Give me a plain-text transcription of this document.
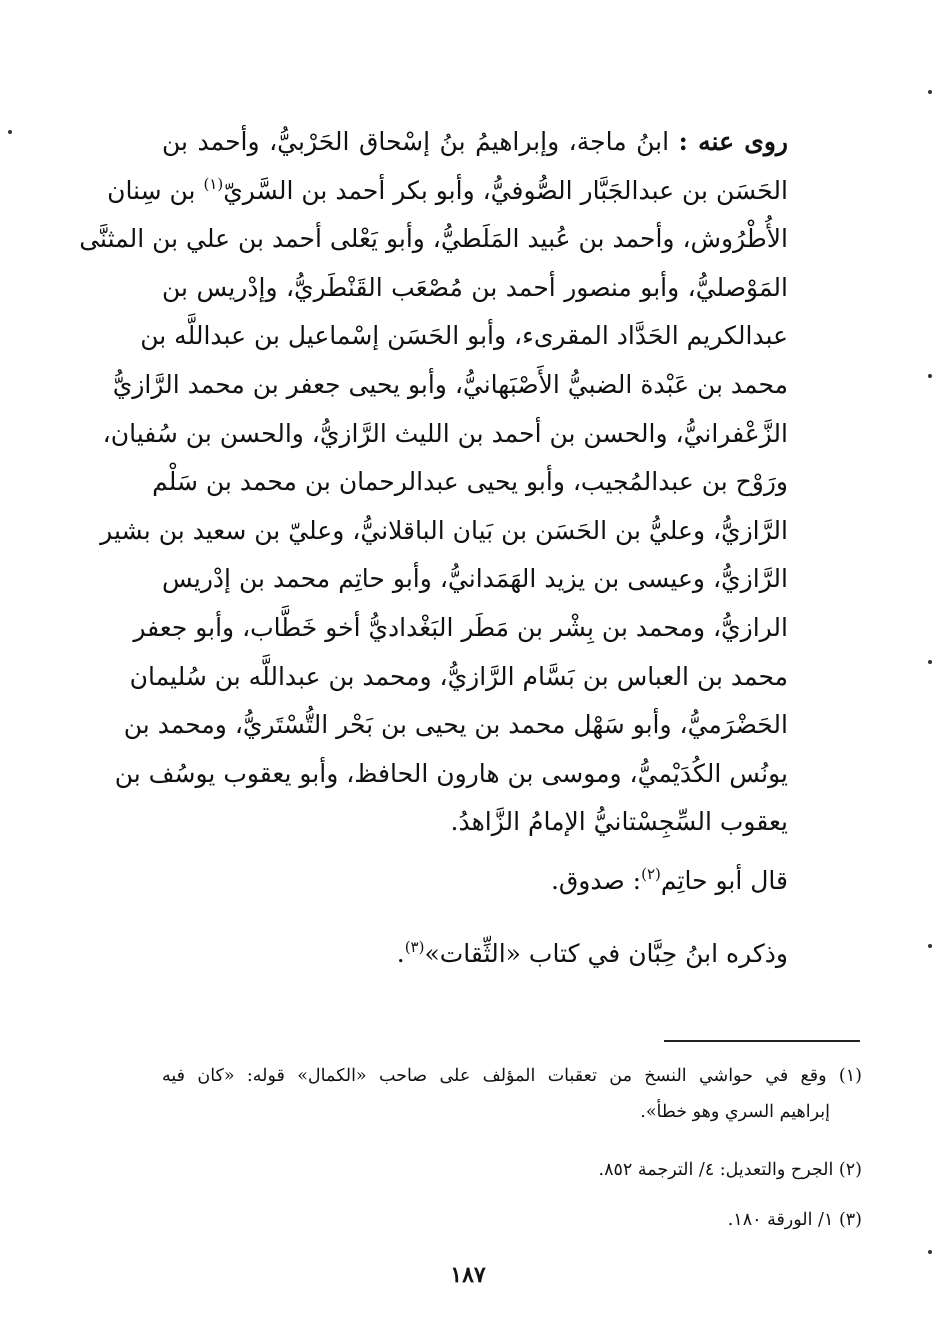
روى عنه : ابنُ ماجة، وإبراهيمُ بنُ إسْحاق الحَرْبيُّ، وأحمد بن
الحَسَن بن عبدالجَبَّار الصُّوفيُّ، وأبو بكر أحمد بن السَّريّ$^{(١)}$ بن سِنان
الأُطْرُوش، وأحمد بن عُبيد المَلَطيُّ، وأبو يَعْلى أحمد بن علي بن المثنَّى
المَوْصليُّ، وأبو منصور أحمد بن مُصْعَب القَنْطَريُّ، وإدْريس بن
عبدالكريم الحَدَّاد المقرىء، وأبو الحَسَن إسْماعيل بن عبداللَّه بن
محمد بن عَبْدة الضبيُّ الأَصْبَهانيُّ، وأبو يحيى جعفر بن محمد الرَّازيُّ
الزَّعْفرانيُّ، والحسن بن أحمد بن الليث الرَّازيُّ، والحسن بن سُفيان،
ورَوْح بن عبدالمُجيب، وأبو يحيى عبدالرحمان بن محمد بن سَلْم
الرَّازيُّ، وعليُّ بن الحَسَن بن بَيان الباقلانيُّ، وعليّ بن سعيد بن بشير
الرَّازيُّ، وعيسى بن يزيد الهَمَدانيُّ، وأبو حاتِم محمد بن إدْريس
الرازيُّ، ومحمد بن بِشْر بن مَطَر البَغْداديُّ أخو خَطَّاب، وأبو جعفر
محمد بن العباس بن بَسَّام الرَّازيُّ، ومحمد بن عبداللَّه بن سُليمان
الحَضْرَميُّ، وأبو سَهْل محمد بن يحيى بن بَحْر التُّسْتَريُّ، ومحمد بن
يونُس الكُدَيْميُّ، وموسى بن هارون الحافظ، وأبو يعقوب يوسُف بن
يعقوب السِّجِسْتانيُّ الإمامُ الزَّاهدُ.
قال أبو حاتِم$^{(٢)}$: صدوق.
وذكره ابنُ حِبَّان في كتاب «الثِّقات»$^{(٣)}$.
(١) وقع في حواشي النسخ من تعقبات المؤلف على صاحب «الكمال» قوله: «كان فيه
إبراهيم السري وهو خطأ».
(٢) الجرح والتعديل: ٤/ الترجمة ٨٥٢.
(٣) ١/ الورقة ١٨٠.
١٨٧
